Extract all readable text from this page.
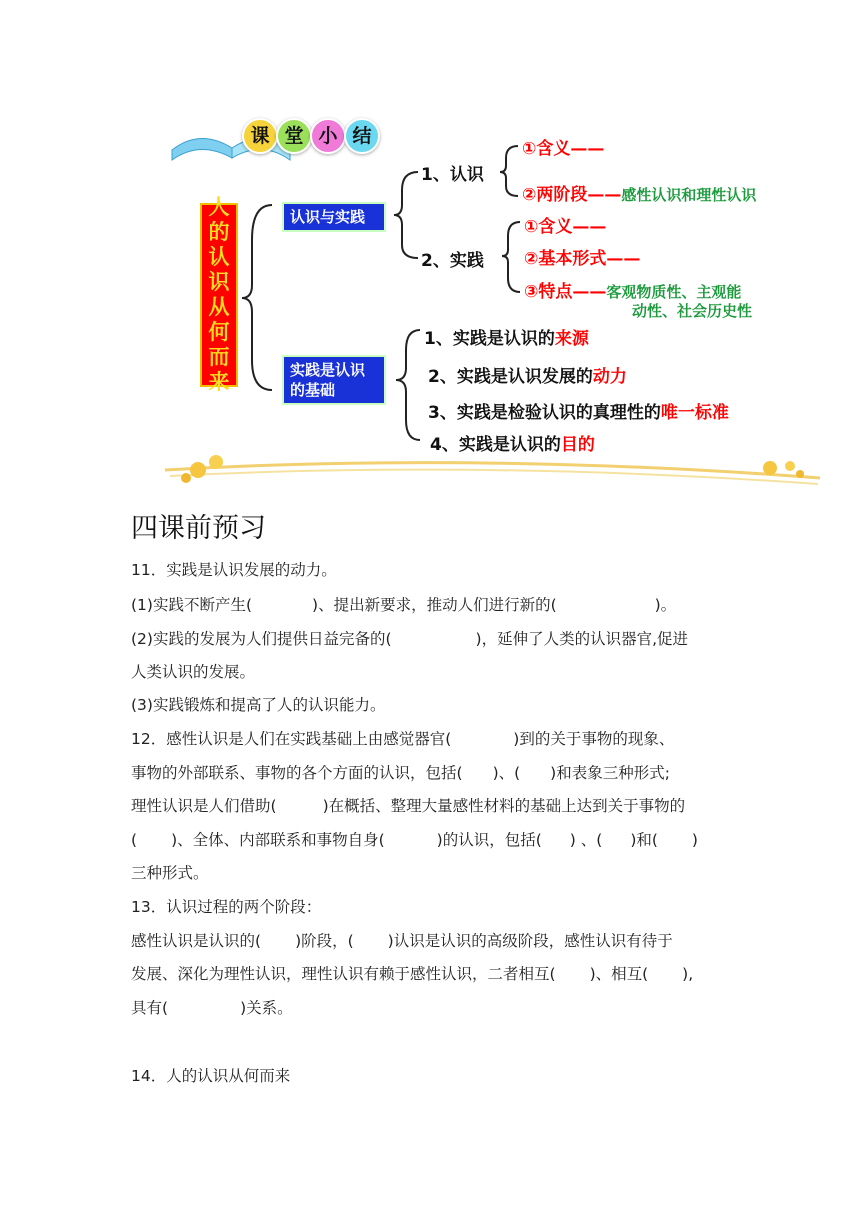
课 堂 小 结
人
的
认
识
从
何
而
来
认识与实践
实践是认识
的基础
1、认识
①含义——
②两阶段——感性认识和理性认识
2、实践
①含义——
②基本形式——
③特点——客观物质性、主观能
动性、社会历史性
1、实践是认识的来源
2、实践是认识发展的动力
3、实践是检验认识的真理性的唯一标准
4、实践是认识的目的
四课前预习
11．实践是认识发展的动力。
(1)实践不断产生(	)、提出新要求，推动人们进行新的(	)。
(2)实践的发展为人们提供日益完备的(	)，延伸了人类的认识器官,促进
人类认识的发展。
(3)实践锻炼和提高了人的认识能力。
12．感性认识是人们在实践基础上由感觉器官(	)到的关于事物的现象、
事物的外部联系、事物的各个方面的认识，包括( )、( )和表象三种形式;
理性认识是人们借助(	)在概括、整理大量感性材料的基础上达到关于事物的
( )、全体、内部联系和事物自身(	)的认识，包括( ) 、( )和( )
三种形式。
13．认识过程的两个阶段：
感性认识是认识的( )阶段，( )认识是认识的高级阶段，感性认识有待于
发展、深化为理性认识，理性认识有赖于感性认识，二者相互( )、相互( ),
具有(	)关系。
14．人的认识从何而来
